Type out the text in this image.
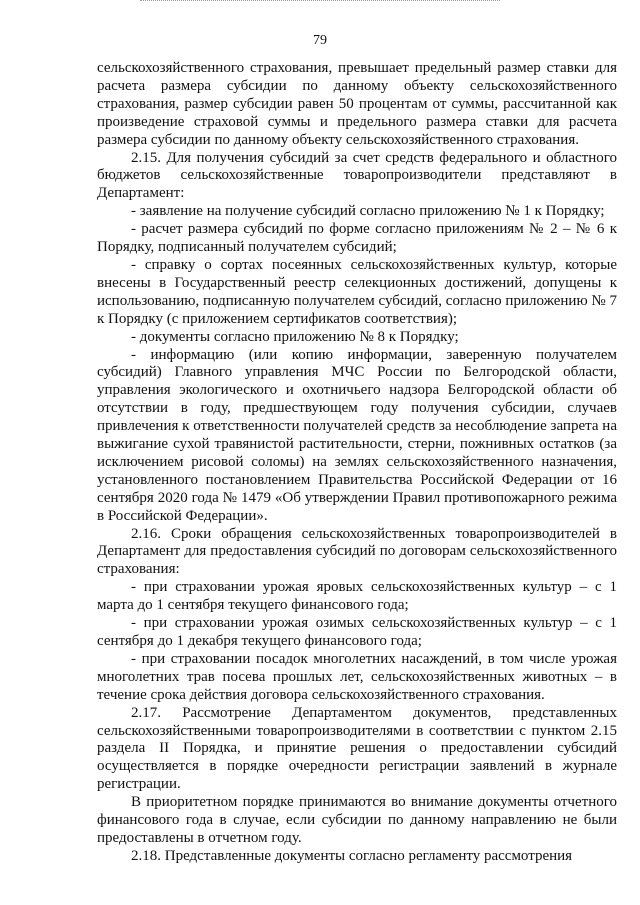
79

сельскохозяйственного страхования, превышает предельный размер ставки для расчета размера субсидии по данному объекту сельскохозяйственного страхования, размер субсидии равен 50 процентам от суммы, рассчитанной как произведение страховой суммы и предельного размера ставки для расчета размера субсидии по данному объекту сельскохозяйственного страхования.

2.15. Для получения субсидий за счет средств федерального и областного бюджетов сельскохозяйственные товаропроизводители представляют в Департамент:

- заявление на получение субсидий согласно приложению № 1 к Порядку;

- расчет размера субсидий по форме согласно приложениям № 2 – № 6 к Порядку, подписанный получателем субсидий;

- справку о сортах посеянных сельскохозяйственных культур, которые внесены в Государственный реестр селекционных достижений, допущены к использованию, подписанную получателем субсидий, согласно приложению № 7 к Порядку (с приложением сертификатов соответствия);

- документы согласно приложению № 8 к Порядку;

- информацию (или копию информации, заверенную получателем субсидий) Главного управления МЧС России по Белгородской области, управления экологического и охотничьего надзора Белгородской области об отсутствии в году, предшествующем году получения субсидии, случаев привлечения к ответственности получателей средств за несоблюдение запрета на выжигание сухой травянистой растительности, стерни, пожнивных остатков (за исключением рисовой соломы) на землях сельскохозяйственного назначения, установленного постановлением Правительства Российской Федерации от 16 сентября 2020 года № 1479 «Об утверждении Правил противопожарного режима в Российской Федерации».

2.16. Сроки обращения сельскохозяйственных товаропроизводителей в Департамент для предоставления субсидий по договорам сельскохозяйственного страхования:

- при страховании урожая яровых сельскохозяйственных культур – с 1 марта до 1 сентября текущего финансового года;

- при страховании урожая озимых сельскохозяйственных культур – с 1 сентября до 1 декабря текущего финансового года;

- при страховании посадок многолетних насаждений, в том числе урожая многолетних трав посева прошлых лет, сельскохозяйственных животных – в течение срока действия договора сельскохозяйственного страхования.

2.17. Рассмотрение Департаментом документов, представленных сельскохозяйственными товаропроизводителями в соответствии с пунктом 2.15 раздела II Порядка, и принятие решения о предоставлении субсидий осуществляется в порядке очередности регистрации заявлений в журнале регистрации.

В приоритетном порядке принимаются во внимание документы отчетного финансового года в случае, если субсидии по данному направлению не были предоставлены в отчетном году.

2.18. Представленные документы согласно регламенту рассмотрения
